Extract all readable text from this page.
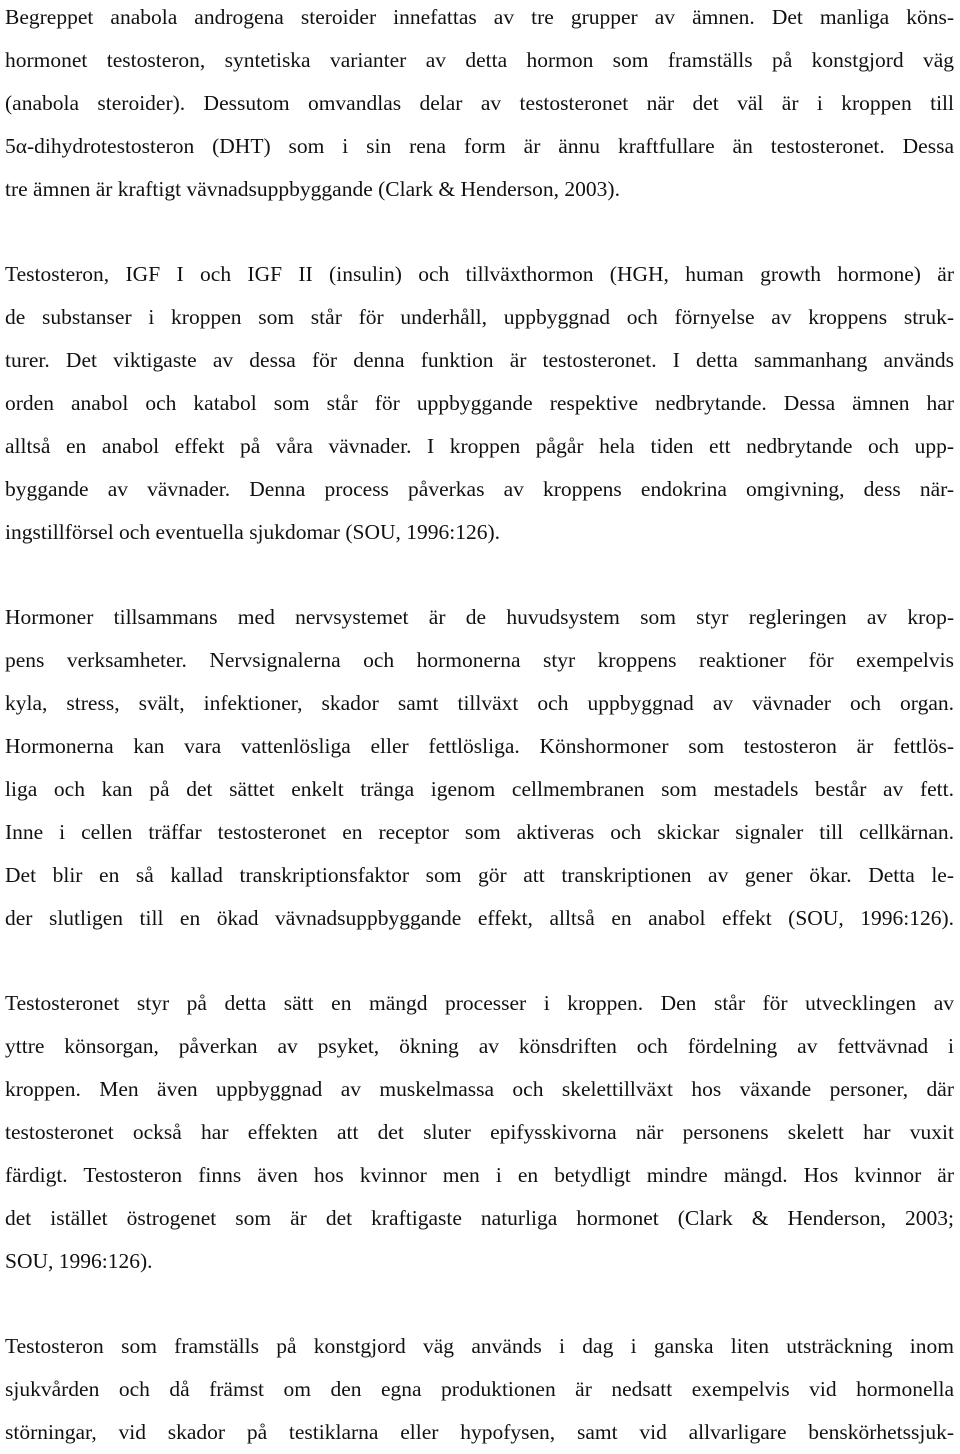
Begreppet anabola androgena steroider innefattas av tre grupper av ämnen. Det manliga köns-
hormonet testosteron, syntetiska varianter av detta hormon som framställs på konstgjord väg
(anabola steroider). Dessutom omvandlas delar av testosteronet när det väl är i kroppen till
5α-dihydrotestosteron (DHT) som i sin rena form är ännu kraftfullare än testosteronet. Dessa
tre ämnen är kraftigt vävnadsuppbyggande (Clark & Henderson, 2003).
Testosteron, IGF I och IGF II (insulin) och tillväxthormon (HGH, human growth hormone) är
de substanser i kroppen som står för underhåll, uppbyggnad och förnyelse av kroppens struk-
turer. Det viktigaste av dessa för denna funktion är testosteronet. I detta sammanhang används
orden anabol och katabol som står för uppbyggande respektive nedbrytande. Dessa ämnen har
alltså en anabol effekt på våra vävnader. I kroppen pågår hela tiden ett nedbrytande och upp-
byggande av vävnader. Denna process påverkas av kroppens endokrina omgivning, dess när-
ingstillförsel och eventuella sjukdomar (SOU, 1996:126).
Hormoner tillsammans med nervsystemet är de huvudsystem som styr regleringen av krop-
pens verksamheter. Nervsignalerna och hormonerna styr kroppens reaktioner för exempelvis
kyla, stress, svält, infektioner, skador samt tillväxt och uppbyggnad av vävnader och organ.
Hormonerna kan vara vattenlösliga eller fettlösliga. Könshormoner som testosteron är fettlös-
liga och kan på det sättet enkelt tränga igenom cellmembranen som mestadels består av fett.
Inne i cellen träffar testosteronet en receptor som aktiveras och skickar signaler till cellkärnan.
Det blir en så kallad transkriptionsfaktor som gör att transkriptionen av gener ökar. Detta le-
der slutligen till en ökad vävnadsuppbyggande effekt, alltså en anabol effekt (SOU, 1996:126).
Testosteronet styr på detta sätt en mängd processer i kroppen. Den står för utvecklingen av
yttre könsorgan, påverkan av psyket, ökning av könsdriften och fördelning av fettvävnad i
kroppen. Men även uppbyggnad av muskelmassa och skelettillväxt hos växande personer, där
testosteronet också har effekten att det sluter epifysskivorna när personens skelett har vuxit
färdigt. Testosteron finns även hos kvinnor men i en betydligt mindre mängd. Hos kvinnor är
det istället östrogenet som är det kraftigaste naturliga hormonet (Clark & Henderson, 2003;
SOU, 1996:126).
Testosteron som framställs på konstgjord väg används i dag i ganska liten utsträckning inom
sjukvården och då främst om den egna produktionen är nedsatt exempelvis vid hormonella
störningar, vid skador på testiklarna eller hypofysen, samt vid allvarligare benskörhetssjuk-
